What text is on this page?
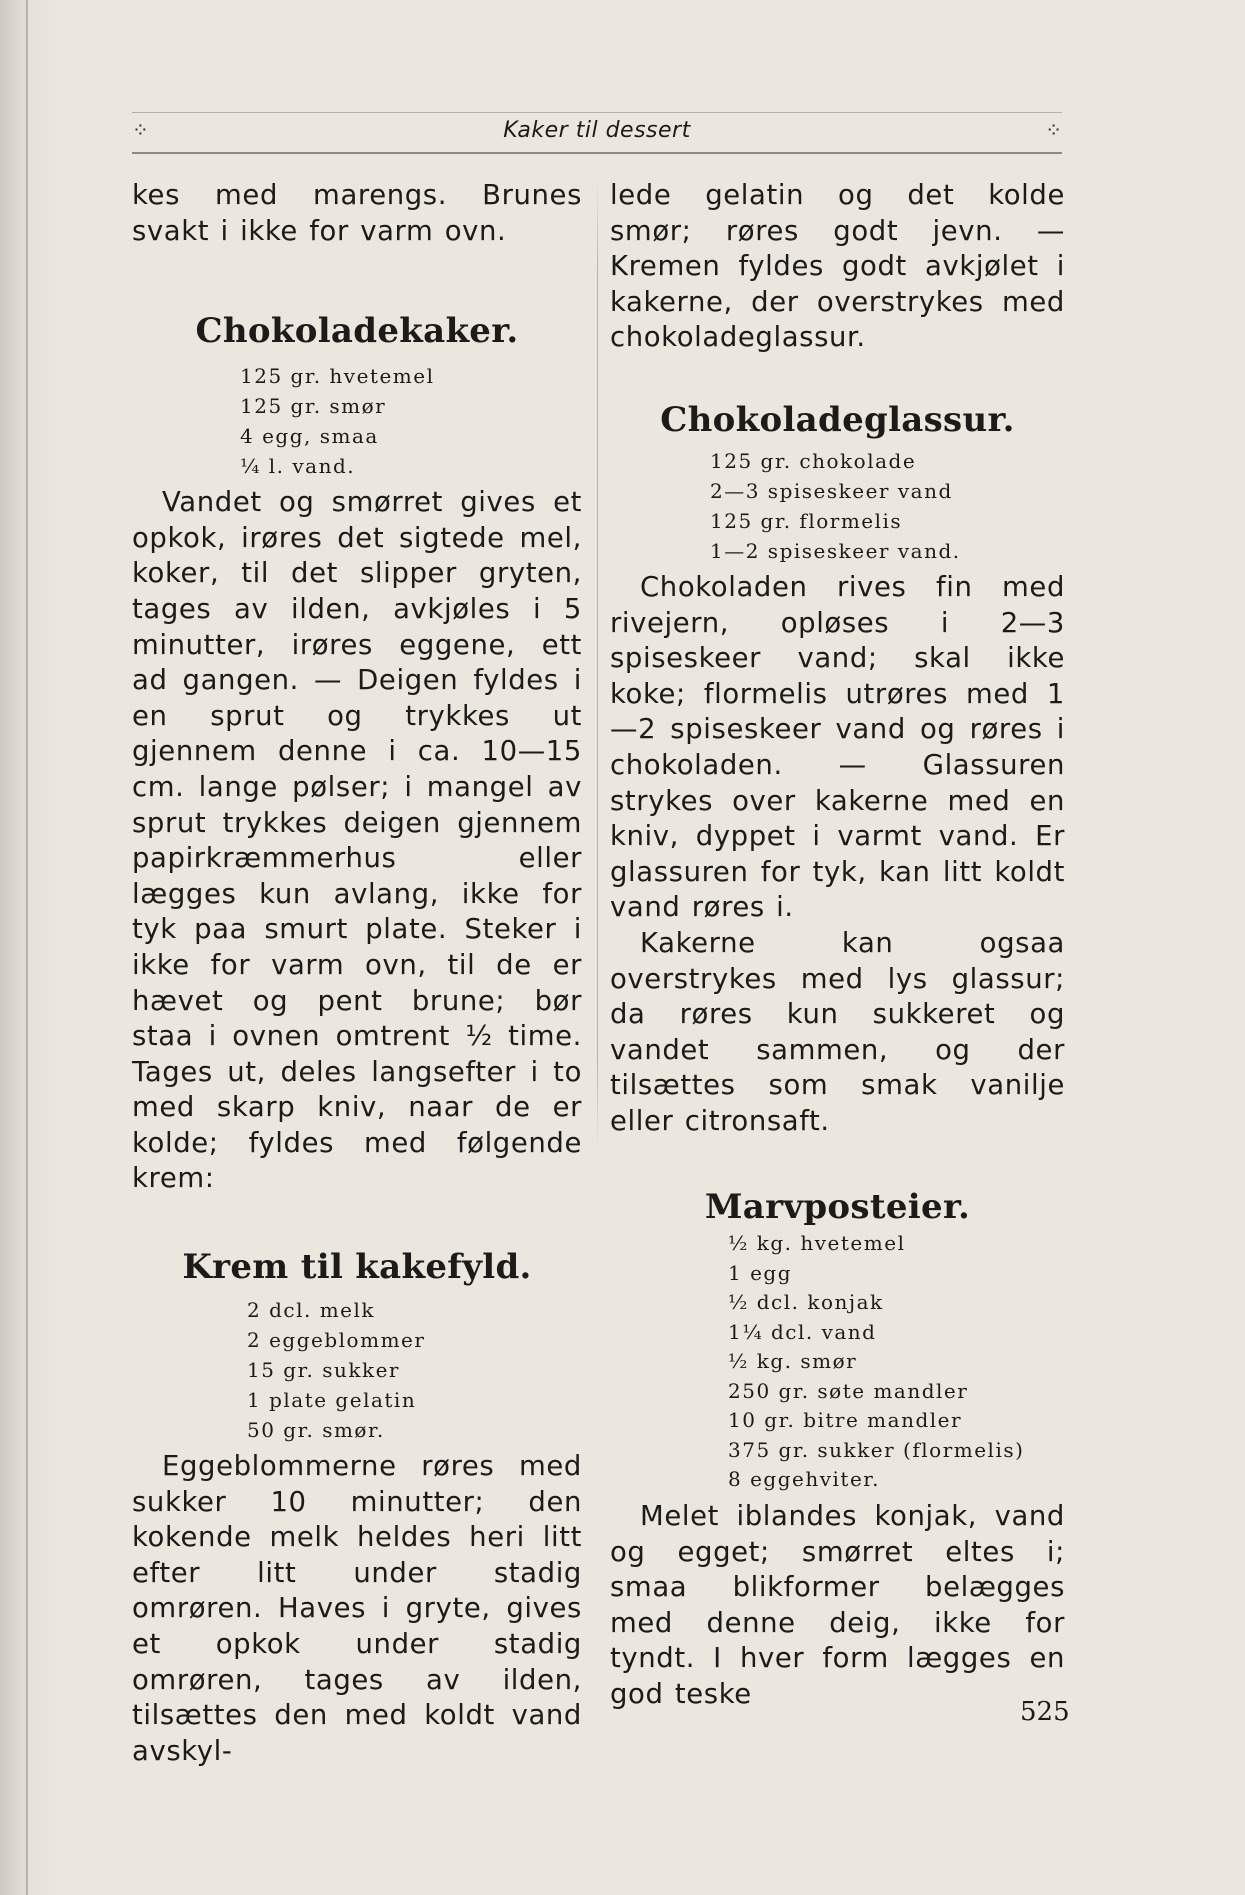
⁘	Kaker til dessert	⁘

kes med marengs. Brunes svakt i ikke for varm ovn.

Chokoladekaker.
125 gr. hvetemel
125 gr. smør
4 egg, smaa
¼ l. vand.

Vandet og smørret gives et opkok, irøres det sigtede mel, koker, til det slipper gryten, tages av ilden, avkjøles i 5 minutter, irøres eggene, ett ad gangen. — Deigen fyldes i en sprut og trykkes ut gjennem denne i ca. 10—15 cm. lange pølser; i mangel av sprut trykkes deigen gjennem papirkræmmerhus eller lægges kun avlang, ikke for tyk paa smurt plate. Steker i ikke for varm ovn, til de er hævet og pent brune; bør staa i ovnen omtrent ½ time. Tages ut, deles langsefter i to med skarp kniv, naar de er kolde; fyldes med følgende krem:

Krem til kakefyld.
2 dcl. melk
2 eggeblommer
15 gr. sukker
1 plate gelatin
50 gr. smør.

Eggeblommerne røres med sukker 10 minutter; den kokende melk heldes heri litt efter litt under stadig omrøren. Haves i gryte, gives et opkok under stadig omrøren, tages av ilden, tilsættes den med koldt vand avskyl-

lede gelatin og det kolde smør; røres godt jevn. — Kremen fyldes godt avkjølet i kakerne, der overstrykes med chokoladeglassur.

Chokoladeglassur.
125 gr. chokolade
2—3 spiseskeer vand
125 gr. flormelis
1—2 spiseskeer vand.

Chokoladen rives fin med rivejern, opløses i 2—3 spiseskeer vand; skal ikke koke; flormelis utrøres med 1—2 spiseskeer vand og røres i chokoladen. — Glassuren strykes over kakerne med en kniv, dyppet i varmt vand. Er glassuren for tyk, kan litt koldt vand røres i.

Kakerne kan ogsaa overstrykes med lys glassur; da røres kun sukkeret og vandet sammen, og der tilsættes som smak vanilje eller citronsaft.

Marvposteier.
½ kg. hvetemel
1 egg
½ dcl. konjak
1¼ dcl. vand
½ kg. smør
250 gr. søte mandler
10 gr. bitre mandler
375 gr. sukker (flormelis)
8 eggehviter.

Melet iblandes konjak, vand og egget; smørret eltes i; smaa blikformer belægges med denne deig, ikke for tyndt. I hver form lægges en god teske

525
